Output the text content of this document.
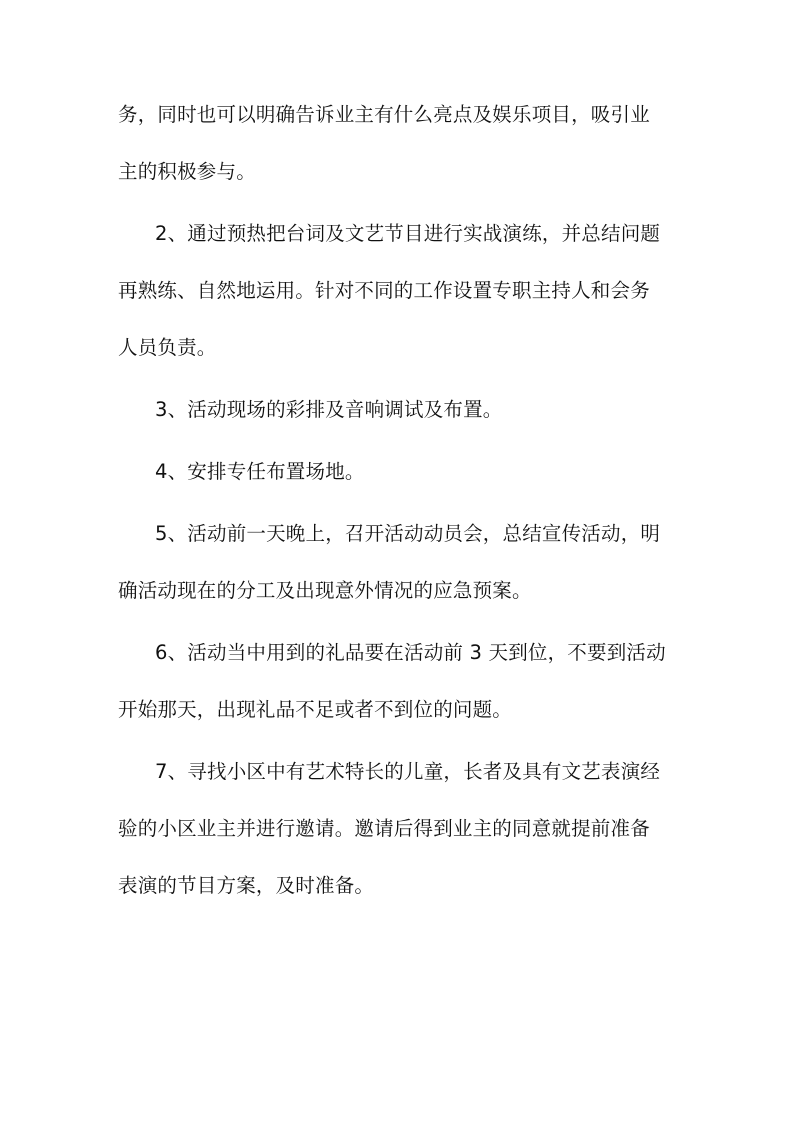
务，同时也可以明确告诉业主有什么亮点及娱乐项目，吸引业
主的积极参与。
2、通过预热把台词及文艺节目进行实战演练，并总结问题
再熟练、自然地运用。针对不同的工作设置专职主持人和会务
人员负责。
3、活动现场的彩排及音响调试及布置。
4、安排专任布置场地。
5、活动前一天晚上，召开活动动员会，总结宣传活动，明
确活动现在的分工及出现意外情况的应急预案。
6、活动当中用到的礼品要在活动前 3 天到位，不要到活动
开始那天，出现礼品不足或者不到位的问题。
7、寻找小区中有艺术特长的儿童，长者及具有文艺表演经
验的小区业主并进行邀请。邀请后得到业主的同意就提前准备
表演的节目方案，及时准备。
